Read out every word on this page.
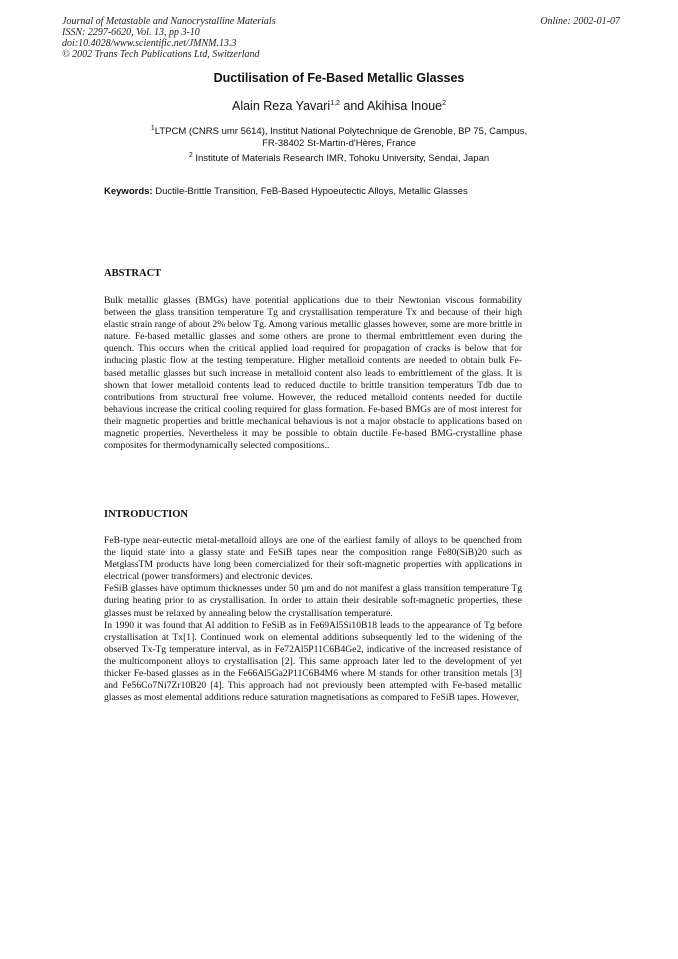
Journal of Metastable and Nanocrystalline Materials
ISSN: 2297-6620, Vol. 13, pp 3-10
doi:10.4028/www.scientific.net/JMNM.13.3
© 2002 Trans Tech Publications Ltd, Switzerland
Online: 2002-01-07
Ductilisation of Fe-Based Metallic Glasses
Alain Reza Yavari$^{1,2}$ and Akihisa Inoue$^2$
$^1$LTPCM (CNRS umr 5614), Institut National Polytechnique de Grenoble, BP 75, Campus,
FR-38402 St-Martin-d'Hères, France
$^2$ Institute of Materials Research IMR, Tohoku University, Sendai, Japan
Keywords: Ductile-Brittle Transition, FeB-Based Hypoeutectic Alloys, Metallic Glasses
ABSTRACT

Bulk metallic glasses (BMGs) have potential applications due to their Newtonian viscous formability between the glass transition temperature Tg and crystallisation temperature Tx and because of their high elastic strain range of about 2% below Tg. Among various metallic glasses however, some are more brittle in nature. Fe-based metallic glasses and some others are prone to thermal embrittlement even during the quench. This occurs when the critical applied load required for propagation of cracks is below that for inducing plastic flow at the testing temperature. Higher metalloid contents are needed to obtain bulk Fe-based metallic glasses but such increase in metalloid content also leads to embrittlement of the glass. It is shown that lower metalloid contents lead to reduced ductile to brittle transition temperaturs Tdb due to contributions from structural free volume. However, the reduced metalloid contents needed for ductile behavious increase the critical cooling required for glass formation. Fe-based BMGs are of most interest for their magnetic properties and brittle mechanical behavious is not a major obstacle to applications based on magnetic properties. Nevertheless it may be possible to obtain ductile Fe-based BMG-crystalline phase composites for thermodynamically selected compositions..

INTRODUCTION

FeB-type near-eutectic metal-metalloid alloys are one of the earliest family of alloys to be quenched from the liquid state into a glassy state and FeSiB tapes near the composition range Fe80(SiB)20 such as MetglassTM products have long been comercialized for their soft-magnetic properties with applications in electrical (power transformers) and electronic devices.

FeSiB glasses have optimum thicknesses under 50 µm and do not manifest a glass transition temperature Tg during heating prior to as crystallisation. In order to attain their desirable soft-magnetic properties, these glasses must be relaxed by annealing below the crystallisation temperature.

In 1990 it was found that Al addition to FeSiB as in Fe69Al5Si10B18 leads to the appearance of Tg before crystallisation at Tx[1]. Continued work on elemental additions subsequently led to the widening of the observed Tx-Tg temperature interval, as in Fe72Al5P11C6B4Ge2, indicative of the increased resistance of the multicomponent alloys to crystallisation [2]. This same approach later led to the development of yet thicker Fe-based glasses as in the Fe66Al5Ga2P11C6B4M6 where M stands for other transition metals [3] and Fe56Co7Ni7Zr10B20 [4]. This approach had not previously been attempted with Fe-based metallic glasses as most elemental additions reduce saturation magnetisations as compared to FeSiB tapes. However,
